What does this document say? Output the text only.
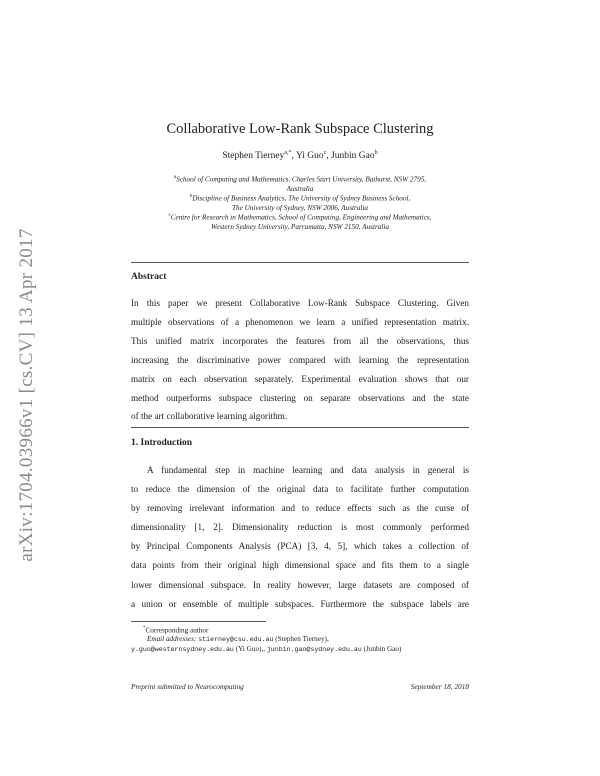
arXiv:1704.03966v1 [cs.CV] 13 Apr 2017
Collaborative Low-Rank Subspace Clustering
Stephen Tierney$^{a,*}$, Yi Guo$^c$, Junbin Gao$^b$
$^a$School of Computing and Mathematics, Charles Sturt University, Bathurst, NSW 2795,
Australia
$^b$Discipline of Business Analytics, The University of Sydney Business School,
The University of Sydney, NSW 2006, Australia
$^c$Centre for Research in Mathematics, School of Computing, Engineering and Mathematics,
Western Sydney University, Parramatta, NSW 2150, Australia
Abstract
In this paper we present Collaborative Low-Rank Subspace Clustering. Given
multiple observations of a phenomenon we learn a unified representation matrix.
This unified matrix incorporates the features from all the observations, thus
increasing the discriminative power compared with learning the representation
matrix on each observation separately. Experimental evaluation shows that our
method outperforms subspace clustering on separate observations and the state
of the art collaborative learning algorithm.
1. Introduction
A fundamental step in machine learning and data analysis in general is
to reduce the dimension of the original data to facilitate further computation
by removing irrelevant information and to reduce effects such as the curse of
dimensionality [1, 2]. Dimensionality reduction is most commonly performed
by Principal Components Analysis (PCA) [3, 4, 5], which takes a collection of
data points from their original high dimensional space and fits them to a single
lower dimensional subspace. In reality however, large datasets are composed of
a union or ensemble of multiple subspaces. Furthermore the subspace labels are
*Corresponding author
Email addresses: stierney@csu.edu.au (Stephen Tierney),
y.guo@westernsydney.edu.au (Yi Guo),, junbin.gao@sydney.edu.au (Junbin Gao)
Preprint submitted to Neurocomputing	September 18, 2018
